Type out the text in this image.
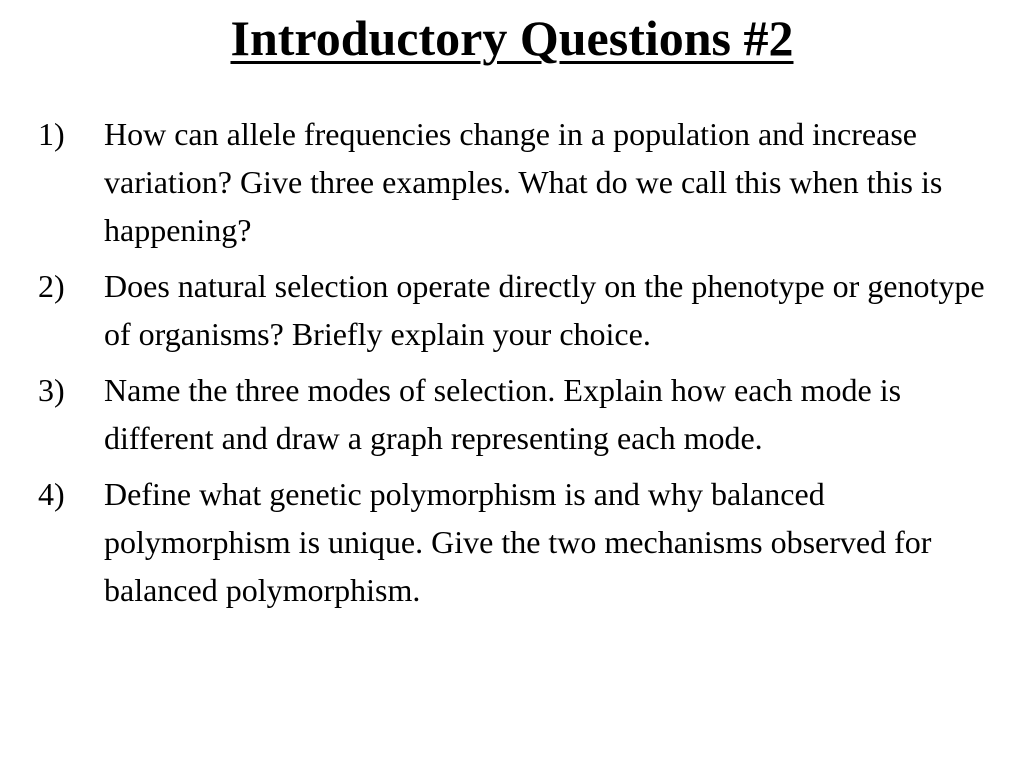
Introductory Questions #2
1)	How can allele frequencies change in a population and increase variation? Give three examples. What do we call this when this is happening?
2)	Does natural selection operate directly on the phenotype or genotype of organisms? Briefly explain your choice.
3)	Name the three modes of selection. Explain how each mode is different and draw a graph representing each mode.
4)	Define what genetic polymorphism is and why balanced polymorphism is unique. Give the two mechanisms observed for balanced polymorphism.
